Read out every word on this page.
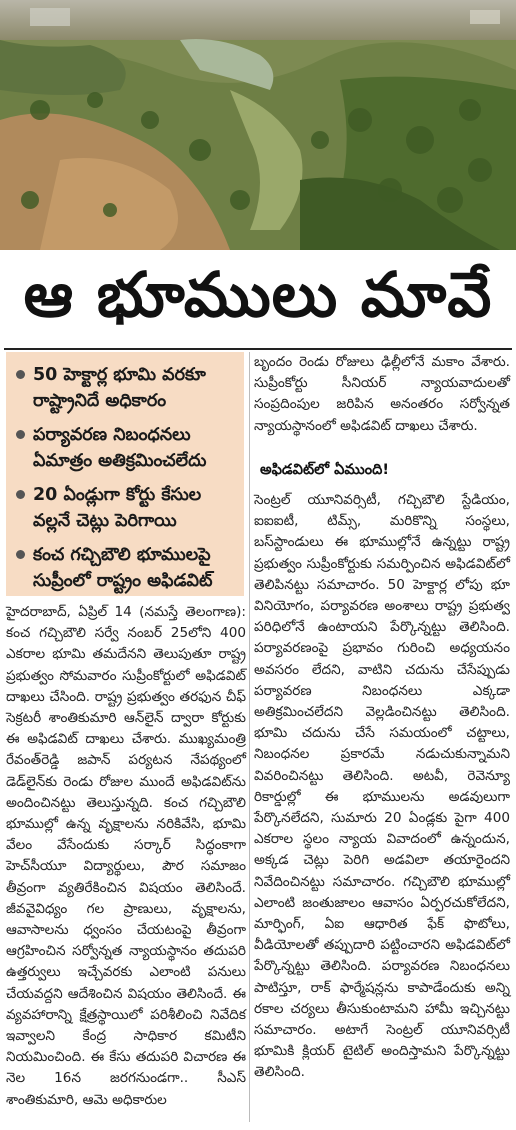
ఆ భూములు మావే
50 హెక్టార్ల భూమి వరకూ రాష్ట్రానిదే అధికారం
పర్యావరణ నిబంధనలు ఏమాత్రం అతిక్రమించలేదు
20 ఏండ్లుగా కోర్టు కేసుల వల్లనే చెట్లు పెరిగాయి
కంచ గచ్చిబౌలి భూములపై సుప్రీంలో రాష్ట్రం అఫిడవిట్

హైదరాబాద్, ఏప్రిల్ 14 (నమస్తే తెలంగాణ): కంచ గచ్చిబౌలి సర్వే నంబర్ 25లోని 400 ఎకరాల భూమి తమదేనని తెలుపుతూ రాష్ట్ర ప్రభుత్వం సోమవారం సుప్రీంకోర్టులో అఫిడవిట్ దాఖలు చేసింది. రాష్ట్ర ప్రభుత్వం తరఫున చీఫ్ సెక్రటరీ శాంతికుమారి ఆన్‌లైన్ ద్వారా కోర్టుకు ఈ అఫిడవిట్ దాఖలు చేశారు. ముఖ్యమంత్రి రేవంత్‌రెడ్డి జపాన్ పర్యటన నేపథ్యంలో డెడ్‌లైన్‌కు రెండు రోజుల ముందే అఫిడవిట్‌ను అందించినట్టు తెలుస్తున్నది. కంచ గచ్చిబౌలి భూముల్లో ఉన్న వృక్షాలను నరికివేసి, భూమి వేలం వేసేందుకు సర్కార్ సిద్ధంకాగా హెచ్‌సీయూ విద్యార్థులు, పౌర సమాజం తీవ్రంగా వ్యతిరేకించిన విషయం తెలిసిందే. జీవవైవిధ్యం గల ప్రాణులు, వృక్షాలను, ఆవాసాలను ధ్వంసం చేయటంపై తీవ్రంగా ఆగ్రహించిన సర్వోన్నత న్యాయస్థానం తదుపరి ఉత్తర్వులు ఇచ్చేవరకు ఎలాంటి పనులు చేయవద్దని ఆదేశించిన విషయం తెలిసిందే. ఈ వ్యవహారాన్ని క్షేత్రస్థాయిలో పరిశీలించి నివేదిక ఇవ్వాలని కేంద్ర సాధికార కమిటీని నియమించింది. ఈ కేసు తదుపరి విచారణ ఈ నెల 16న జరగనుండగా.. సీఎస్ శాంతికుమారి, ఆమె అధికారుల

బృందం రెండు రోజులు ఢిల్లీలోనే మకాం వేశారు. సుప్రీంకోర్టు సీనియర్ న్యాయవాదులతో సంప్రదింపుల జరిపిన అనంతరం సర్వోన్నత న్యాయస్థానంలో అఫిడవిట్ దాఖలు చేశారు.

అఫిడవిట్‌లో ఏముంది!

సెంట్రల్ యూనివర్సిటీ, గచ్చిబౌలి స్టేడియం, ఐఐఐటీ, టిమ్స్, మరికొన్ని సంస్థలు, బస్‌స్టాండులు ఈ భూముల్లోనే ఉన్నట్టు రాష్ట్ర ప్రభుత్వం సుప్రీంకోర్టుకు సమర్పించిన అఫిడవిట్‌లో తెలిపినట్టు సమాచారం. 50 హెక్టార్ల లోపు భూ వినియోగం, పర్యావరణ అంశాలు రాష్ట్ర ప్రభుత్వ పరిధిలోనే ఉంటాయని పేర్కొన్నట్టు తెలిసింది. పర్యావరణంపై ప్రభావం గురించి అధ్యయనం అవసరం లేదని, వాటిని చదును చేసేప్పుడు పర్యావరణ నిబంధనలు ఎక్కడా అతిక్రమించలేదని వెల్లడించినట్టు తెలిసింది. భూమి చదును చేసే సమయంలో చట్టాలు, నిబంధనల ప్రకారమే నడుచుకున్నామని వివరించినట్టు తెలిసింది. అటవీ, రెవెన్యూ రికార్డుల్లో ఈ భూములను అడవులుగా పేర్కొనలేదని, సుమారు 20 ఏండ్లకు పైగా 400 ఎకరాల స్థలం న్యాయ వివాదంలో ఉన్నందున, అక్కడ చెట్లు పెరిగి అడవిలా తయారైందని నివేదించినట్టు సమాచారం. గచ్చిబౌలి భూముల్లో ఎలాంటి జంతుజాలం ఆవాసం ఏర్పరచుకోలేదని, మార్ఫింగ్, ఏఐ ఆధారిత ఫేక్ ఫొటోలు, వీడియోలతో తప్పుదారి పట్టించారని అఫిడవిట్‌లో పేర్కొన్నట్టు తెలిసింది. పర్యావరణ నిబంధనలు పాటిస్తూ, రాక్ ఫార్మేషన్లను కాపాడేందుకు అన్ని రకాల చర్యలు తీసుకుంటామని హామీ ఇచ్చినట్టు సమాచారం. అటాగే సెంట్రల్ యూనివర్సిటీ భూమికి క్లియర్ టైటిల్ అందిస్తామని పేర్కొన్నట్టు తెలిసింది.
